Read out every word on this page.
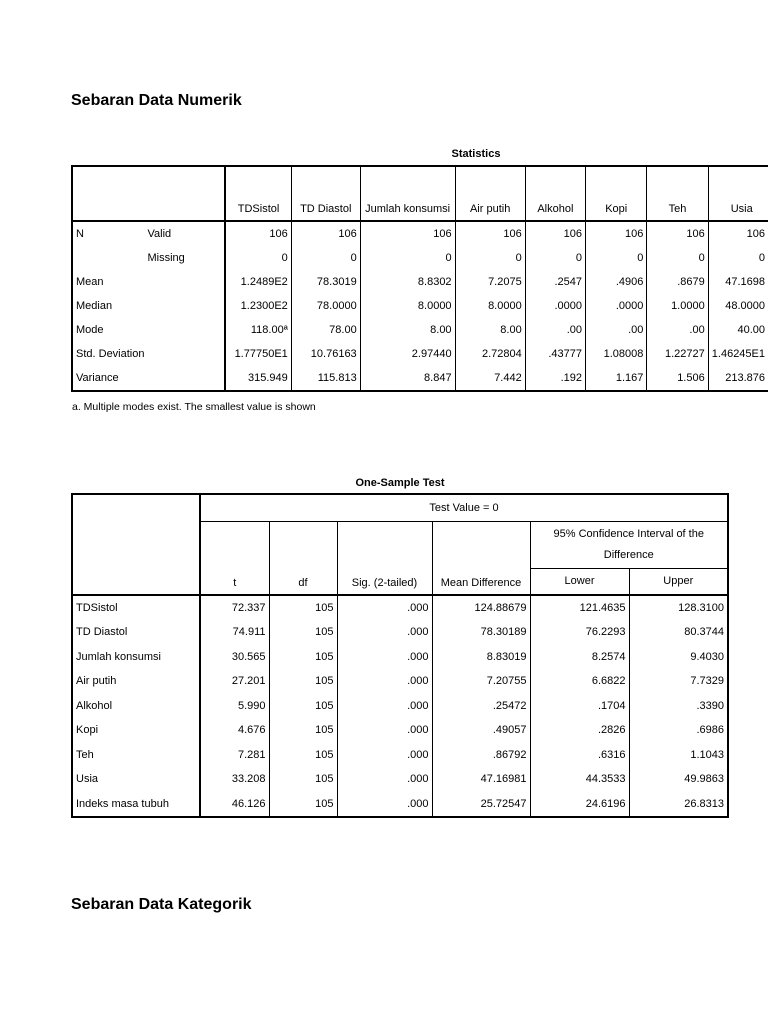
Sebaran Data Numerik
Statistics
		TDSistol	TD Diastol	Jumlah konsumsi	Air putih	Alkohol	Kopi	Teh	Usia
N	Valid	106	106	106	106	106	106	106	106
	Missing	0	0	0	0	0	0	0	0
Mean		1.2489E2	78.3019	8.8302	7.2075	.2547	.4906	.8679	47.1698
Median		1.2300E2	78.0000	8.0000	8.0000	.0000	.0000	1.0000	48.0000
Mode		118.00ª	78.00	8.00	8.00	.00	.00	.00	40.00
Std. Deviation		1.77750E1	10.76163	2.97440	2.72804	.43777	1.08008	1.22727	1.46245E1
Variance		315.949	115.813	8.847	7.442	.192	1.167	1.506	213.876
a. Multiple modes exist. The smallest value is shown
One-Sample Test
	Test Value = 0					
	t	df	Sig. (2-tailed)	Mean Difference	95% Confidence Interval of the Difference	
					Lower	Upper
TDSistol	72.337	105	.000	124.88679	121.4635	128.3100
TD Diastol	74.911	105	.000	78.30189	76.2293	80.3744
Jumlah konsumsi	30.565	105	.000	8.83019	8.2574	9.4030
Air putih	27.201	105	.000	7.20755	6.6822	7.7329
Alkohol	5.990	105	.000	.25472	.1704	.3390
Kopi	4.676	105	.000	.49057	.2826	.6986
Teh	7.281	105	.000	.86792	.6316	1.1043
Usia	33.208	105	.000	47.16981	44.3533	49.9863
Indeks masa tubuh	46.126	105	.000	25.72547	24.6196	26.8313
Sebaran Data Kategorik
